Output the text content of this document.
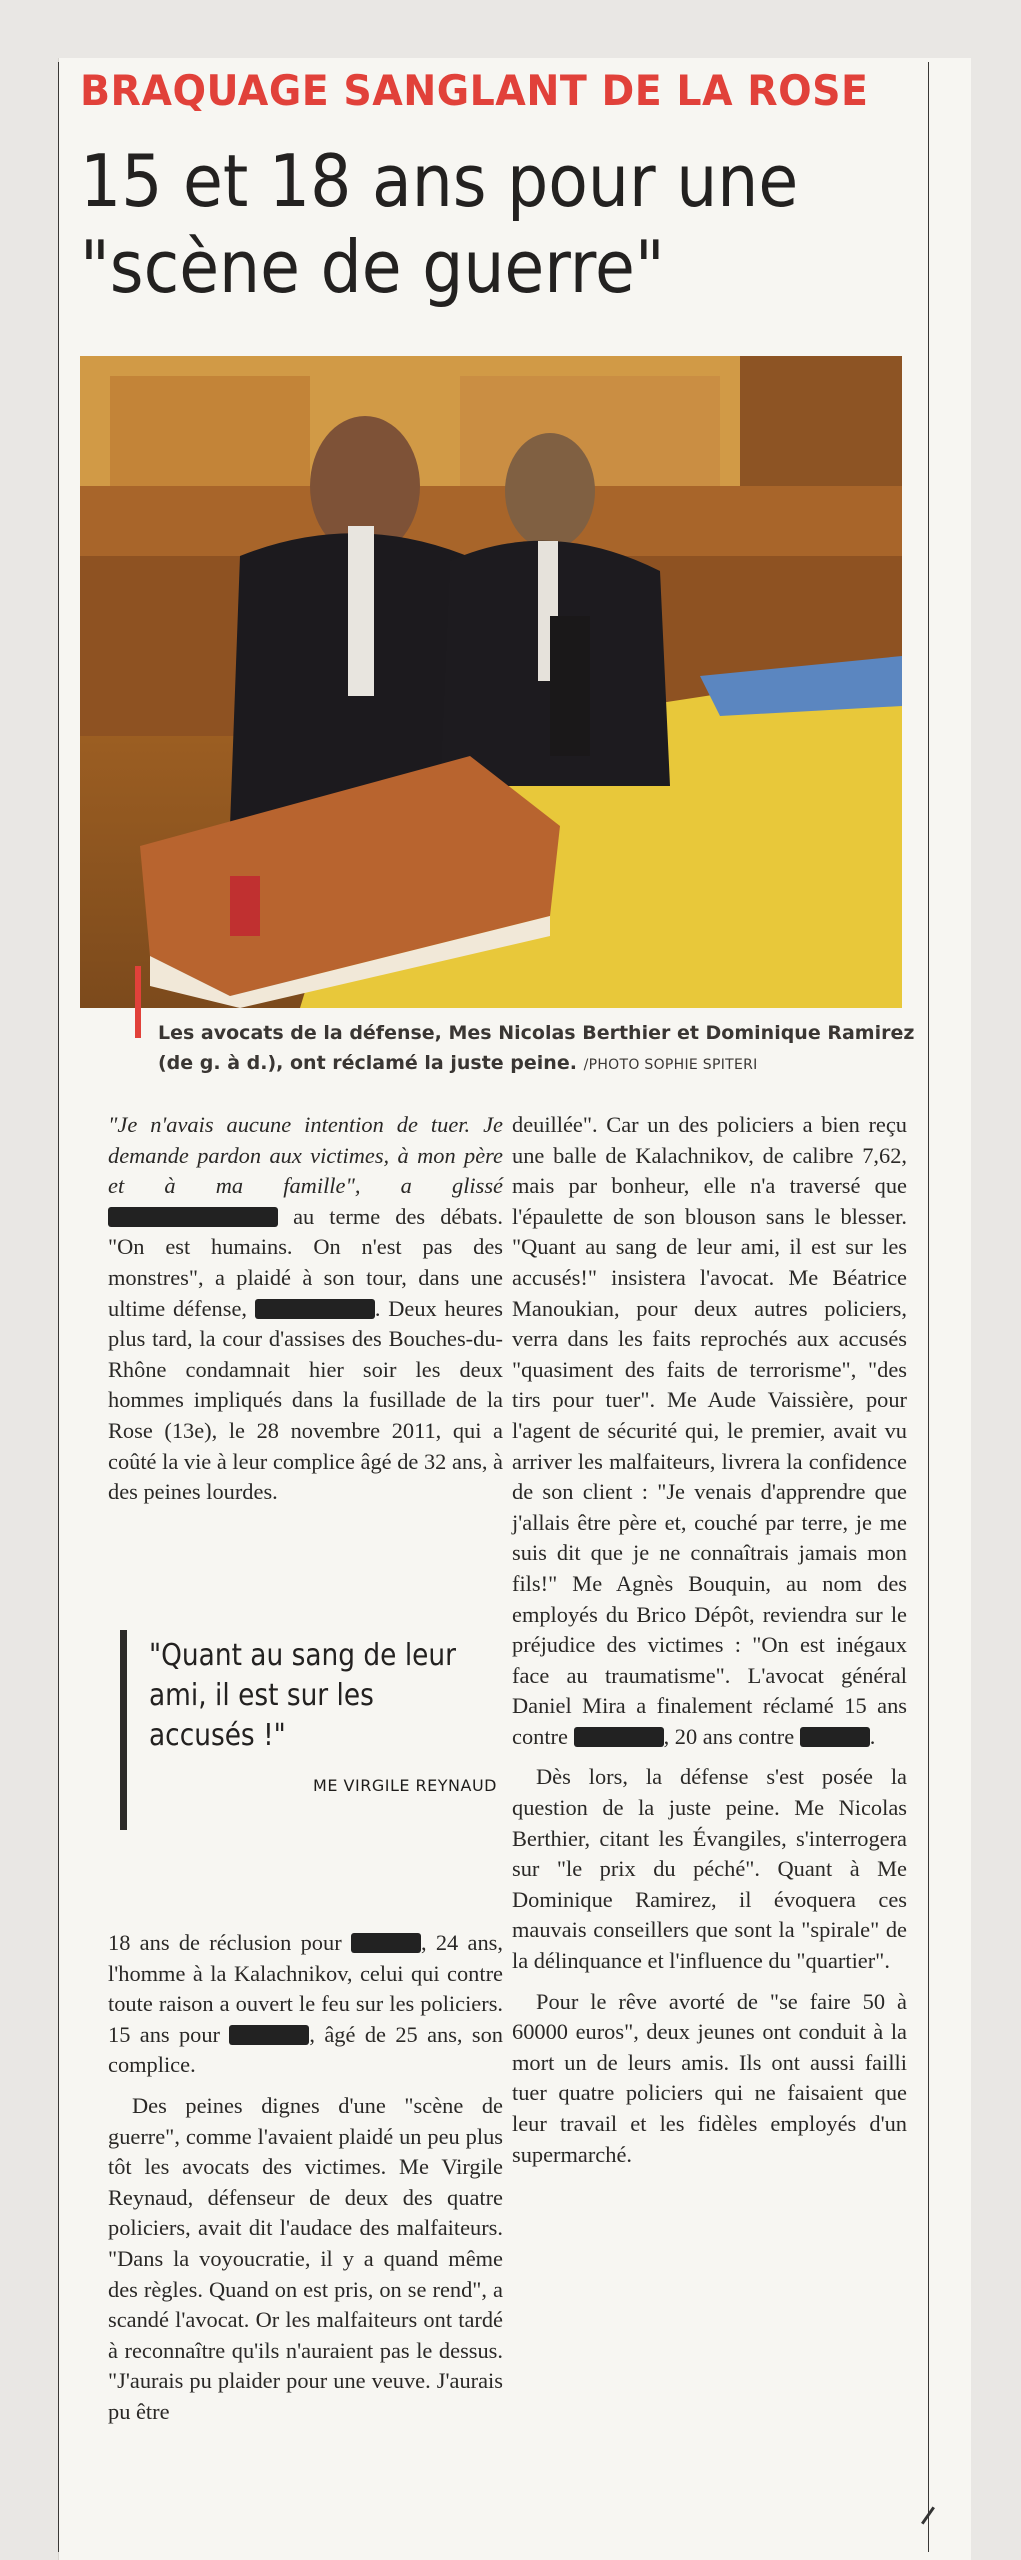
BRAQUAGE SANGLANT DE LA ROSE
15 et 18 ans pour une
"scène de guerre"
Les avocats de la défense, Mes Nicolas Berthier et Dominique Ramirez (de g. à d.), ont réclamé la juste peine. /PHOTO SOPHIE SPITERI

"Je n'avais aucune intention de tuer. Je demande pardon aux victimes, à mon père et à ma famille", a glissé  au terme des débats. "On est humains. On n'est pas des monstres", a plaidé à son tour, dans une ultime défense,	. Deux heures plus tard, la cour d'assises des Bouches-du-Rhône condamnait hier soir les deux hommes impliqués dans la fusillade de la Rose (13e), le 28 novembre 2011, qui a coûté la vie à leur complice âgé de 32 ans, à des peines lourdes.

"Quant au sang de leur ami, il est sur les accusés !"
ME VIRGILE REYNAUD

18 ans de réclusion pour	, 24 ans, l'homme à la Kalachnikov, celui qui contre toute raison a ouvert le feu sur les policiers. 15 ans pour	, âgé de 25 ans, son complice.

Des peines dignes d'une "scène de guerre", comme l'avaient plaidé un peu plus tôt les avocats des victimes. Me Virgile Reynaud, défenseur de deux des quatre policiers, avait dit l'audace des malfaiteurs. "Dans la voyoucratie, il y a quand même des règles. Quand on est pris, on se rend", a scandé l'avocat. Or les malfaiteurs ont tardé à reconnaître qu'ils n'auraient pas le dessus. "J'aurais pu plaider pour une veuve. J'aurais pu être

deuillée". Car un des policiers a bien reçu une balle de Kalachnikov, de calibre 7,62, mais par bonheur, elle n'a traversé que l'épaulette de son blouson sans le blesser. "Quant au sang de leur ami, il est sur les accusés!" insistera l'avocat. Me Béatrice Manoukian, pour deux autres policiers, verra dans les faits reprochés aux accusés "quasiment des faits de terrorisme", "des tirs pour tuer". Me Aude Vaissière, pour l'agent de sécurité qui, le premier, avait vu arriver les malfaiteurs, livrera la confidence de son client : "Je venais d'apprendre que j'allais être père et, couché par terre, je me suis dit que je ne connaîtrais jamais mon fils!" Me Agnès Bouquin, au nom des employés du Brico Dépôt, reviendra sur le préjudice des victimes : "On est inégaux face au traumatisme". L'avocat général Daniel Mira a finalement réclamé 15 ans contre	, 20 ans contre	.

Dès lors, la défense s'est posée la question de la juste peine. Me Nicolas Berthier, citant les Évangiles, s'interrogera sur "le prix du péché". Quant à Me Dominique Ramirez, il évoquera ces mauvais conseillers que sont la "spirale" de la délinquance et l'influence du "quartier".

Pour le rêve avorté de "se faire 50 à 60000 euros", deux jeunes ont conduit à la mort un de leurs amis. Ils ont aussi failli tuer quatre policiers qui ne faisaient que leur travail et les fidèles employés d'un supermarché.
